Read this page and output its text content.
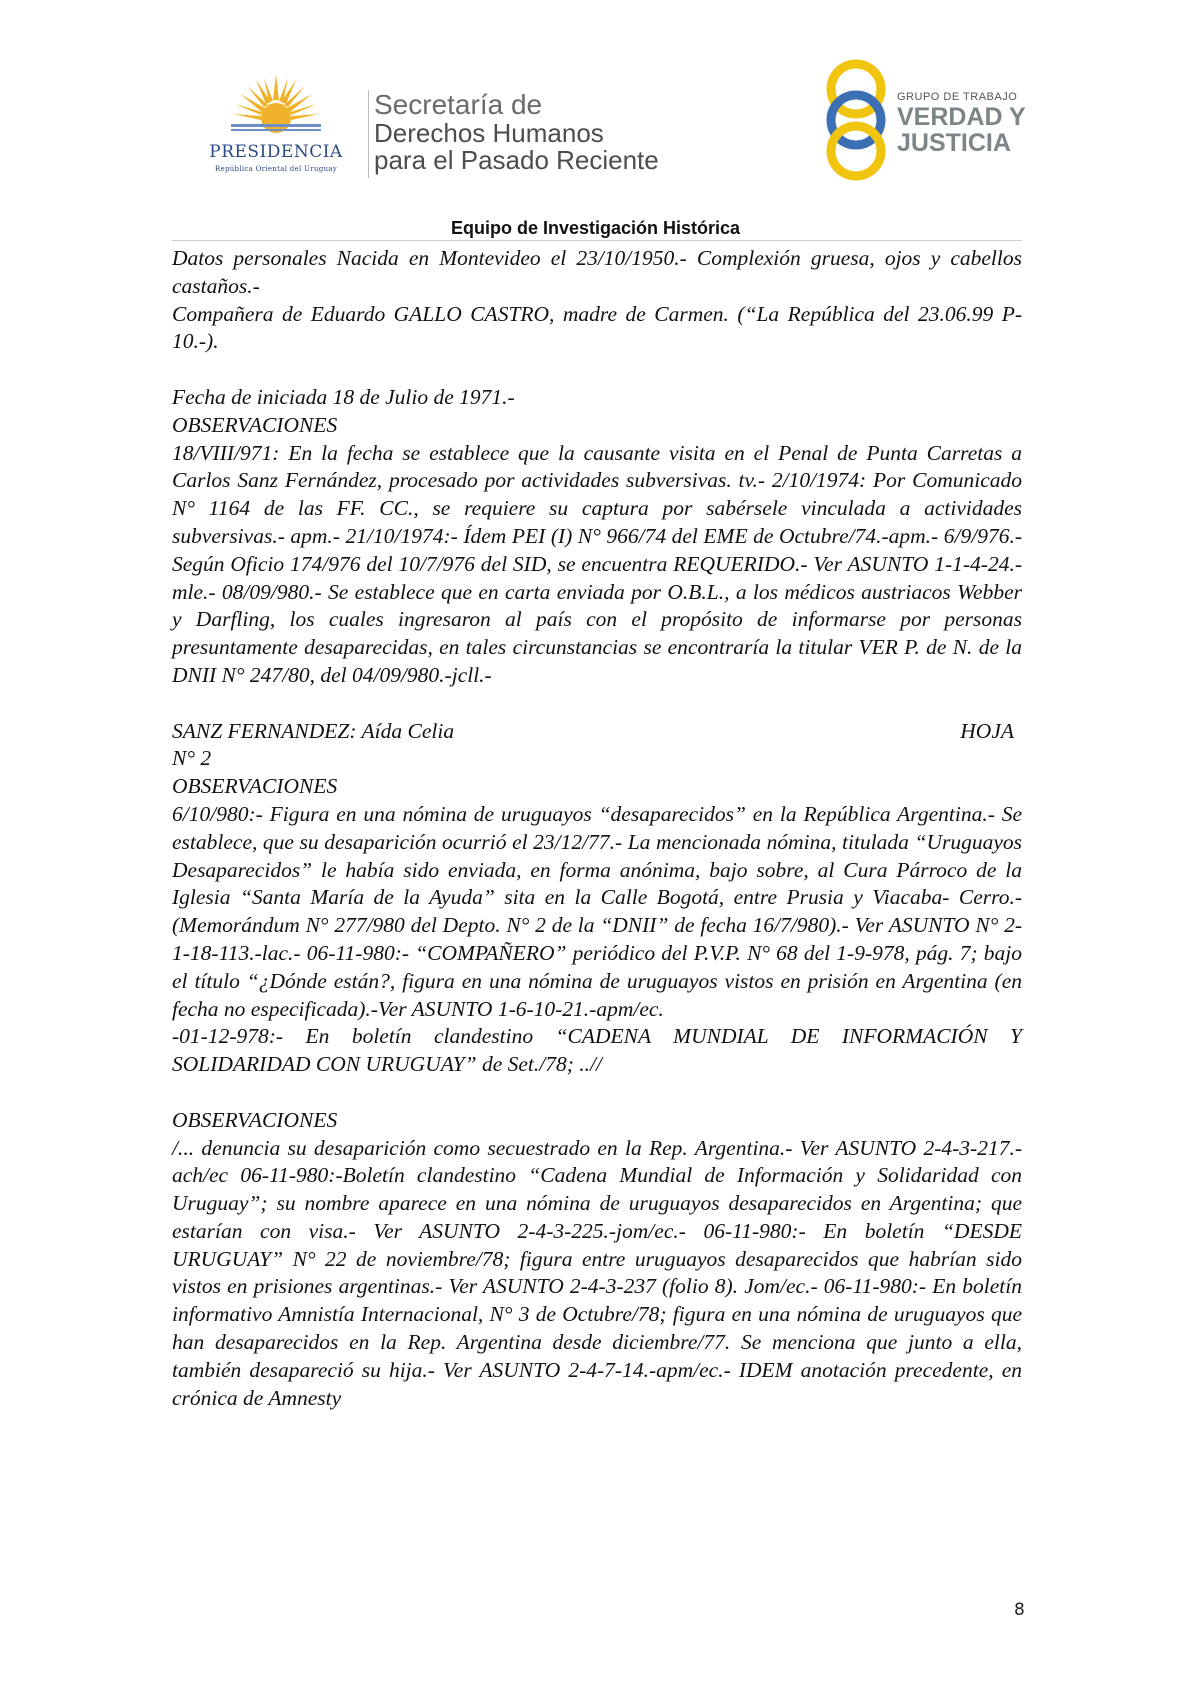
PRESIDENCIA
República Oriental del Uruguay
Secretaría de
Derechos Humanos
para el Pasado Reciente
GRUPO DE TRABAJO
VERDAD Y
JUSTICIA
Equipo de Investigación Histórica

Datos personales Nacida en Montevideo el 23/10/1950.- Complexión gruesa, ojos y cabellos castaños.-

Compañera de Eduardo GALLO CASTRO, madre de Carmen. (“La República del 23.06.99 P- 10.-).

Fecha de iniciada 18 de Julio de 1971.-

OBSERVACIONES

18/VIII/971: En la fecha se establece que la causante visita en el Penal de Punta Carretas a Carlos Sanz Fernández, procesado por actividades subversivas. tv.- 2/10/1974: Por Comunicado N° 1164 de las FF. CC., se requiere su captura por sabérsele vinculada a actividades subversivas.- apm.- 21/10/1974:- Ídem PEI (I) N° 966/74 del EME de Octubre/74.-apm.- 6/9/976.- Según Oficio 174/976 del 10/7/976 del SID, se encuentra REQUERIDO.- Ver ASUNTO 1-1-4-24.-mle.- 08/09/980.- Se establece que en carta enviada por O.B.L., a los médicos austriacos Webber y Darfling, los cuales ingresaron al país con el propósito de informarse por personas presuntamente desaparecidas, en tales circunstancias se encontraría la titular VER P. de N. de la DNII N° 247/80, del 04/09/980.-jcll.-

SANZ FERNANDEZ: Aída Celia	HOJA

N° 2

OBSERVACIONES

6/10/980:- Figura en una nómina de uruguayos “desaparecidos” en la República Argentina.- Se establece, que su desaparición ocurrió el 23/12/77.- La mencionada nómina, titulada “Uruguayos Desaparecidos” le había sido enviada, en forma anónima, bajo sobre, al Cura Párroco de la Iglesia “Santa María de la Ayuda” sita en la Calle Bogotá, entre Prusia y Viacaba- Cerro.- (Memorándum N° 277/980 del Depto. N° 2 de la “DNII” de fecha 16/7/980).- Ver ASUNTO N° 2-1-18-113.-lac.- 06-11-980:- “COMPAÑERO” periódico del P.V.P. N° 68 del 1-9-978, pág. 7; bajo el título “¿Dónde están?, figura en una nómina de uruguayos vistos en prisión en Argentina (en fecha no especificada).-Ver ASUNTO 1-6-10-21.-apm/ec.

-01-12-978:- En boletín clandestino “CADENA MUNDIAL DE INFORMACIÓN Y SOLIDARIDAD CON URUGUAY” de Set./78; ..//

OBSERVACIONES

/... denuncia su desaparición como secuestrado en la Rep. Argentina.- Ver ASUNTO 2-4-3-217.-ach/ec 06-11-980:-Boletín clandestino “Cadena Mundial de Información y Solidaridad con Uruguay”; su nombre aparece en una nómina de uruguayos desaparecidos en Argentina; que estarían con visa.- Ver ASUNTO 2-4-3-225.-jom/ec.- 06-11-980:- En boletín “DESDE URUGUAY” N° 22 de noviembre/78; figura entre uruguayos desaparecidos que habrían sido vistos en prisiones argentinas.- Ver ASUNTO 2-4-3-237 (folio 8). Jom/ec.- 06-11-980:- En boletín informativo Amnistía Internacional, N° 3 de Octubre/78; figura en una nómina de uruguayos que han desaparecidos en la Rep. Argentina desde diciembre/77. Se menciona que junto a ella, también desapareció su hija.- Ver ASUNTO 2-4-7-14.-apm/ec.- IDEM anotación precedente, en crónica de Amnesty

8
